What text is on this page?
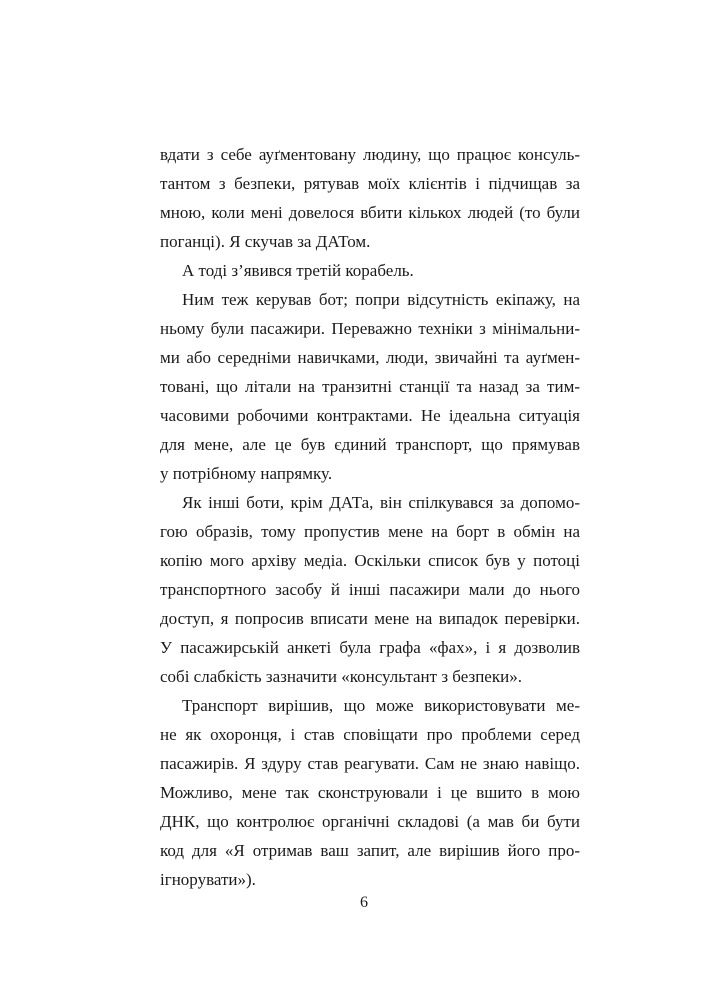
вдати з себе ауґментовану людину, що працює консуль-
тантом з безпеки, рятував моїх клієнтів і підчищав за
мною, коли мені довелося вбити кількох людей (то були
поганці). Я скучав за ДАТом.
А тоді з’явився третій корабель.
Ним теж керував бот; попри відсутність екіпажу, на
ньому були пасажири. Переважно техніки з мінімальни-
ми або середніми навичками, люди, звичайні та ауґмен-
товані, що літали на транзитні станції та назад за тим-
часовими робочими контрактами. Не ідеальна ситуація
для мене, але це був єдиний транспорт, що прямував
у потрібному напрямку.
Як інші боти, крім ДАТа, він спілкувався за допомо-
гою образів, тому пропустив мене на борт в обмін на
копію мого архіву медіа. Оскільки список був у потоці
транспортного засобу й інші пасажири мали до нього
доступ, я попросив вписати мене на випадок перевірки.
У пасажирській анкеті була графа «фах», і я дозволив
собі слабкість зазначити «консультант з безпеки».
Транспорт вирішив, що може використовувати ме-
не як охоронця, і став сповіщати про проблеми серед
пасажирів. Я здуру став реагувати. Сам не знаю навіщо.
Можливо, мене так сконструювали і це вшито в мою
ДНК, що контролює органічні складові (а мав би бути
код для «Я отримав ваш запит, але вирішив його про-
ігнорувати»).
6
